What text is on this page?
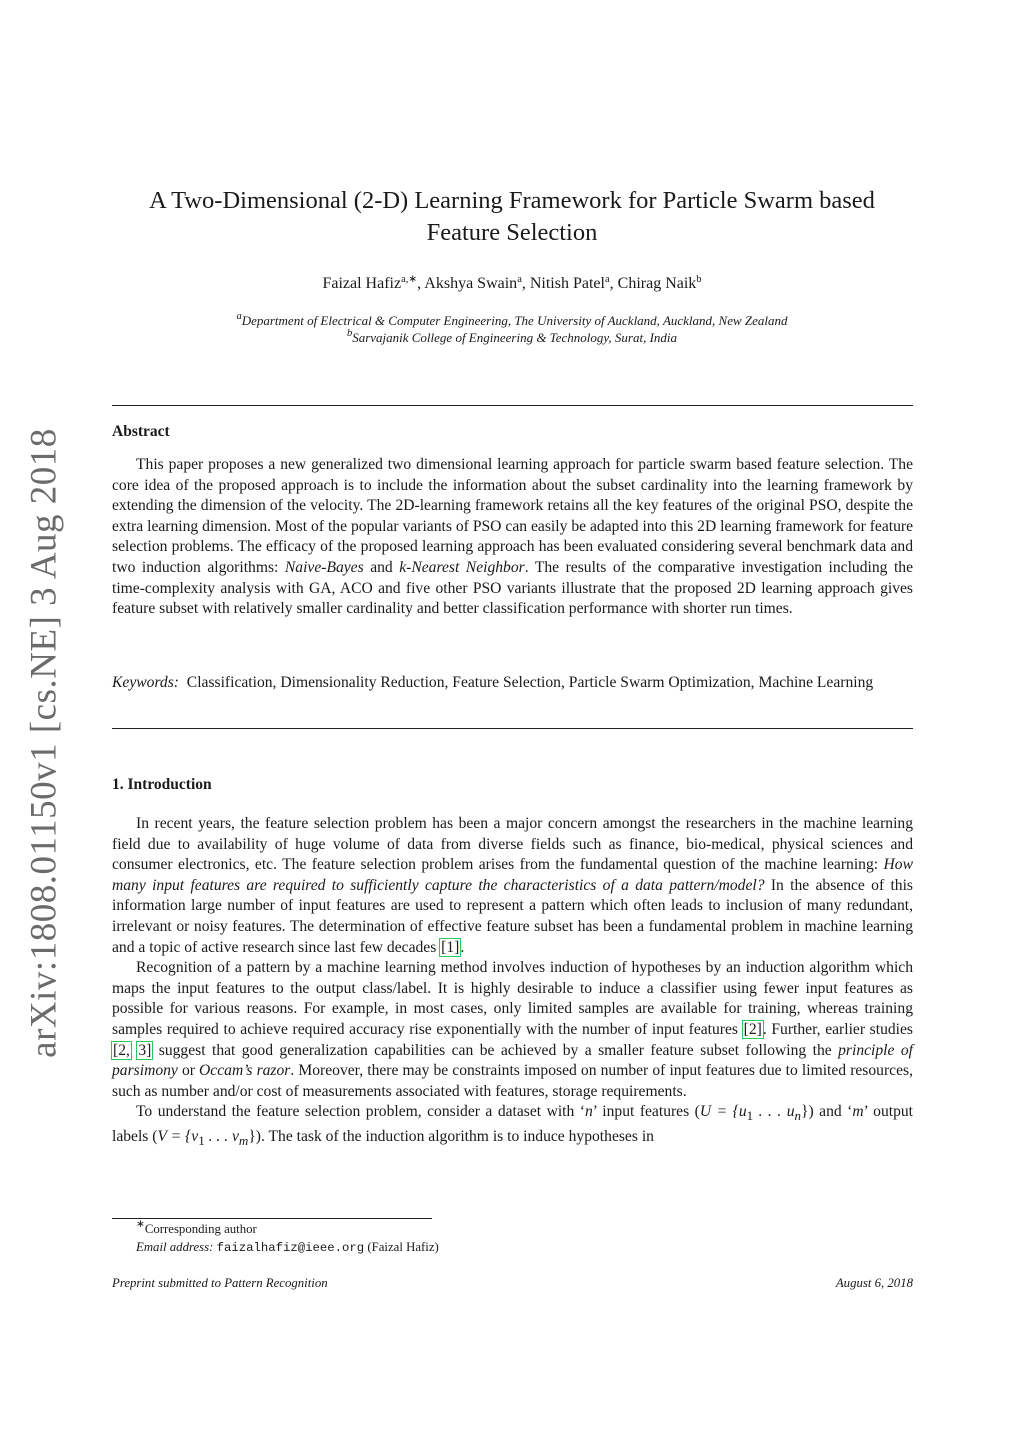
arXiv:1808.01150v1 [cs.NE] 3 Aug 2018
A Two-Dimensional (2-D) Learning Framework for Particle Swarm based
Feature Selection
Faizal Hafiz$^{a,∗}$, Akshya Swain$^a$, Nitish Patel$^a$, Chirag Naik$^b$
$^a$Department of Electrical & Computer Engineering, The University of Auckland, Auckland, New Zealand
$^b$Sarvajanik College of Engineering & Technology, Surat, India
Abstract

This paper proposes a new generalized two dimensional learning approach for particle swarm based feature selection. The core idea of the proposed approach is to include the information about the subset cardinality into the learning framework by extending the dimension of the velocity. The 2D-learning framework retains all the key features of the original PSO, despite the extra learning dimension. Most of the popular variants of PSO can easily be adapted into this 2D learning framework for feature selection problems. The efficacy of the proposed learning approach has been evaluated considering several benchmark data and two induction algorithms: Naive-Bayes and k-Nearest Neighbor. The results of the comparative investigation including the time-complexity analysis with GA, ACO and five other PSO variants illustrate that the proposed 2D learning approach gives feature subset with relatively smaller cardinality and better classification performance with shorter run times.

Keywords: Classification, Dimensionality Reduction, Feature Selection, Particle Swarm Optimization, Machine Learning

1. Introduction

In recent years, the feature selection problem has been a major concern amongst the researchers in the machine learning field due to availability of huge volume of data from diverse fields such as finance, bio-medical, physical sciences and consumer electronics, etc. The feature selection problem arises from the fundamental question of the machine learning: How many input features are required to sufficiently capture the characteristics of a data pattern/model? In the absence of this information large number of input features are used to represent a pattern which often leads to inclusion of many redundant, irrelevant or noisy features. The determination of effective feature subset has been a fundamental problem in machine learning and a topic of active research since last few decades [1].

Recognition of a pattern by a machine learning method involves induction of hypotheses by an induction algorithm which maps the input features to the output class/label. It is highly desirable to induce a classifier using fewer input features as possible for various reasons. For example, in most cases, only limited samples are available for training, whereas training samples required to achieve required accuracy rise exponentially with the number of input features [2]. Further, earlier studies [2, 3] suggest that good generalization capabilities can be achieved by a smaller feature subset following the principle of parsimony or Occam’s razor. Moreover, there may be constraints imposed on number of input features due to limited resources, such as number and/or cost of measurements associated with features, storage requirements.

To understand the feature selection problem, consider a dataset with ‘n’ input features ($U = \{u_1$ . . . $u_n$}) and ‘m’ output labels ($V = \{v_1$ . . . $v_m$}). The task of the induction algorithm is to induce hypotheses in

∗Corresponding author
Email address: faizalhafiz@ieee.org (Faizal Hafiz)
Preprint submitted to Pattern Recognition	August 6, 2018
